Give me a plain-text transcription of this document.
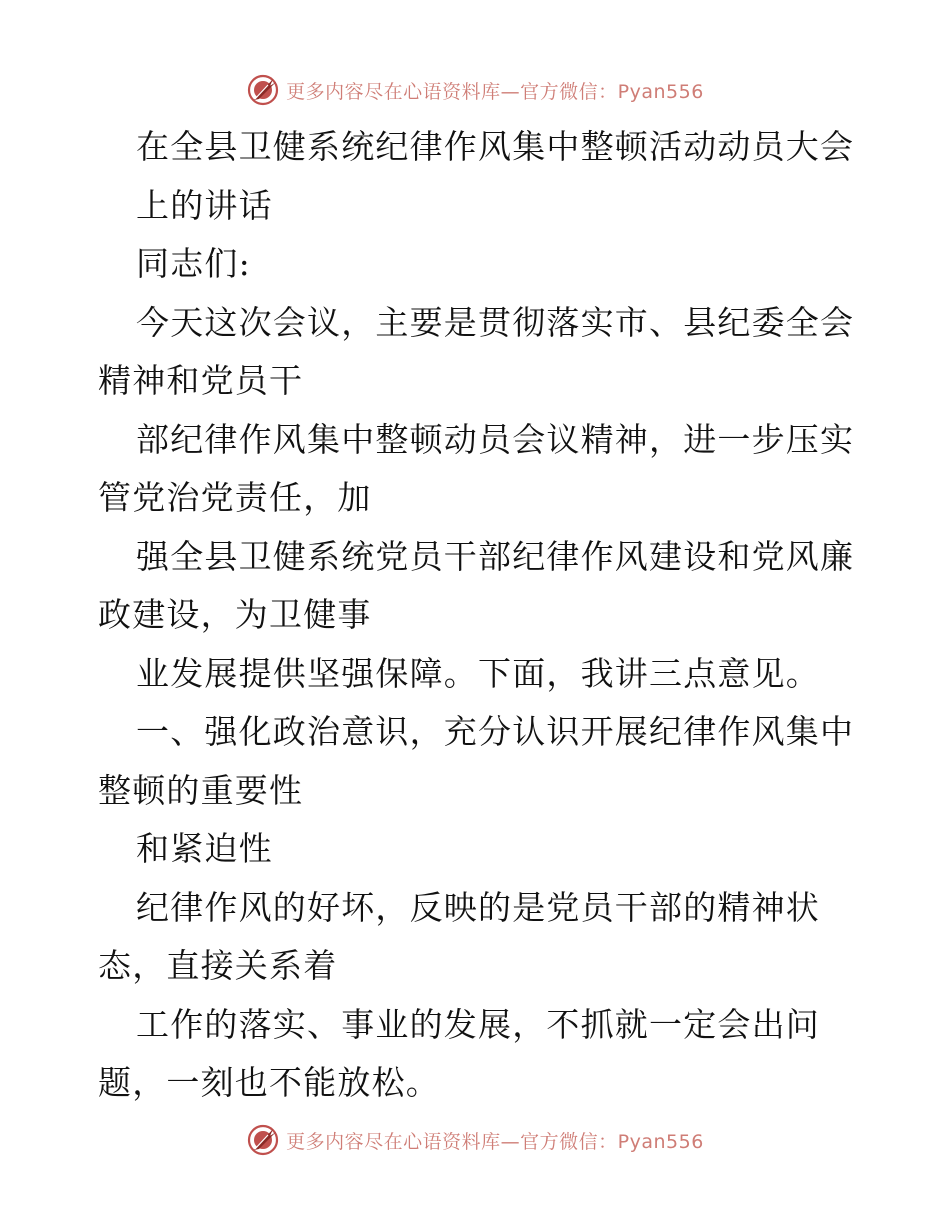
更多内容尽在心语资料库—官方微信：Pyan556
在全县卫健系统纪律作风集中整顿活动动员大会
上的讲话
同志们:
今天这次会议，主要是贯彻落实市、县纪委全会
精神和党员干
部纪律作风集中整顿动员会议精神，进一步压实
管党治党责任，加
强全县卫健系统党员干部纪律作风建设和党风廉
政建设，为卫健事
业发展提供坚强保障。下面，我讲三点意见。
一、强化政治意识，充分认识开展纪律作风集中
整顿的重要性
和紧迫性
纪律作风的好坏，反映的是党员干部的精神状
态，直接关系着
工作的落实、事业的发展，不抓就一定会出问
题，一刻也不能放松。
更多内容尽在心语资料库—官方微信：Pyan556
